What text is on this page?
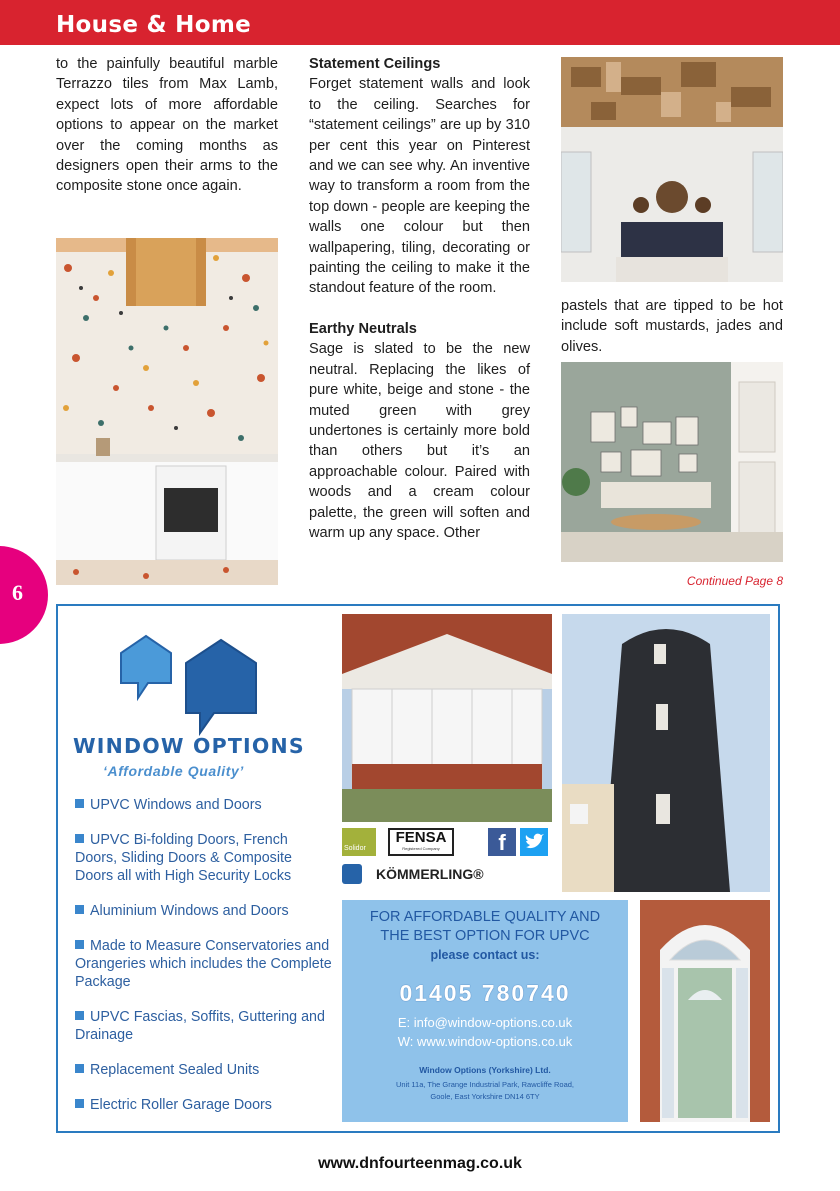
House & Home

to the painfully beautiful marble Terrazzo tiles from Max Lamb, expect lots of more affordable options to appear on the market over the coming months as designers open their arms to the composite stone once again.

Statement Ceilings
Forget statement walls and look to the ceiling. Searches for “statement ceilings” are up by 310 per cent this year on Pinterest and we can see why. An inventive way to transform a room from the top down - people are keeping the walls one colour but then wallpapering, tiling, decorating or painting the ceiling to make it the standout feature of the room.

Earthy Neutrals
Sage is slated to be the new neutral. Replacing the likes of pure white, beige and stone - the muted green with grey undertones is certainly more bold than others but it’s an approachable colour. Paired with woods and a cream colour palette, the green will soften and warm up any space. Other

pastels that are tipped to be hot include soft mustards, jades and olives.

Continued Page 8
6
WINDOW OPTIONS
‘Affordable Quality’
UPVC Windows and Doors
UPVC Bi-folding Doors, French Doors, Sliding Doors & Composite Doors all with High Security Locks
Aluminium Windows and Doors
Made to Measure Conservatories and Orangeries which includes the Complete Package
UPVC Fascias, Soffits, Guttering and Drainage
Replacement Sealed Units
Electric Roller Garage Doors
Solidor
FENSA
Registered Company	f
KÖMMERLING®
FOR AFFORDABLE QUALITY AND
THE BEST OPTION FOR UPVC
please contact us:
01405 780740
E: info@window-options.co.uk
W: www.window-options.co.uk
Window Options (Yorkshire) Ltd.
Unit 11a, The Grange Industrial Park, Rawcliffe Road,
Goole, East Yorkshire DN14 6TY
www.dnfourteenmag.co.uk
